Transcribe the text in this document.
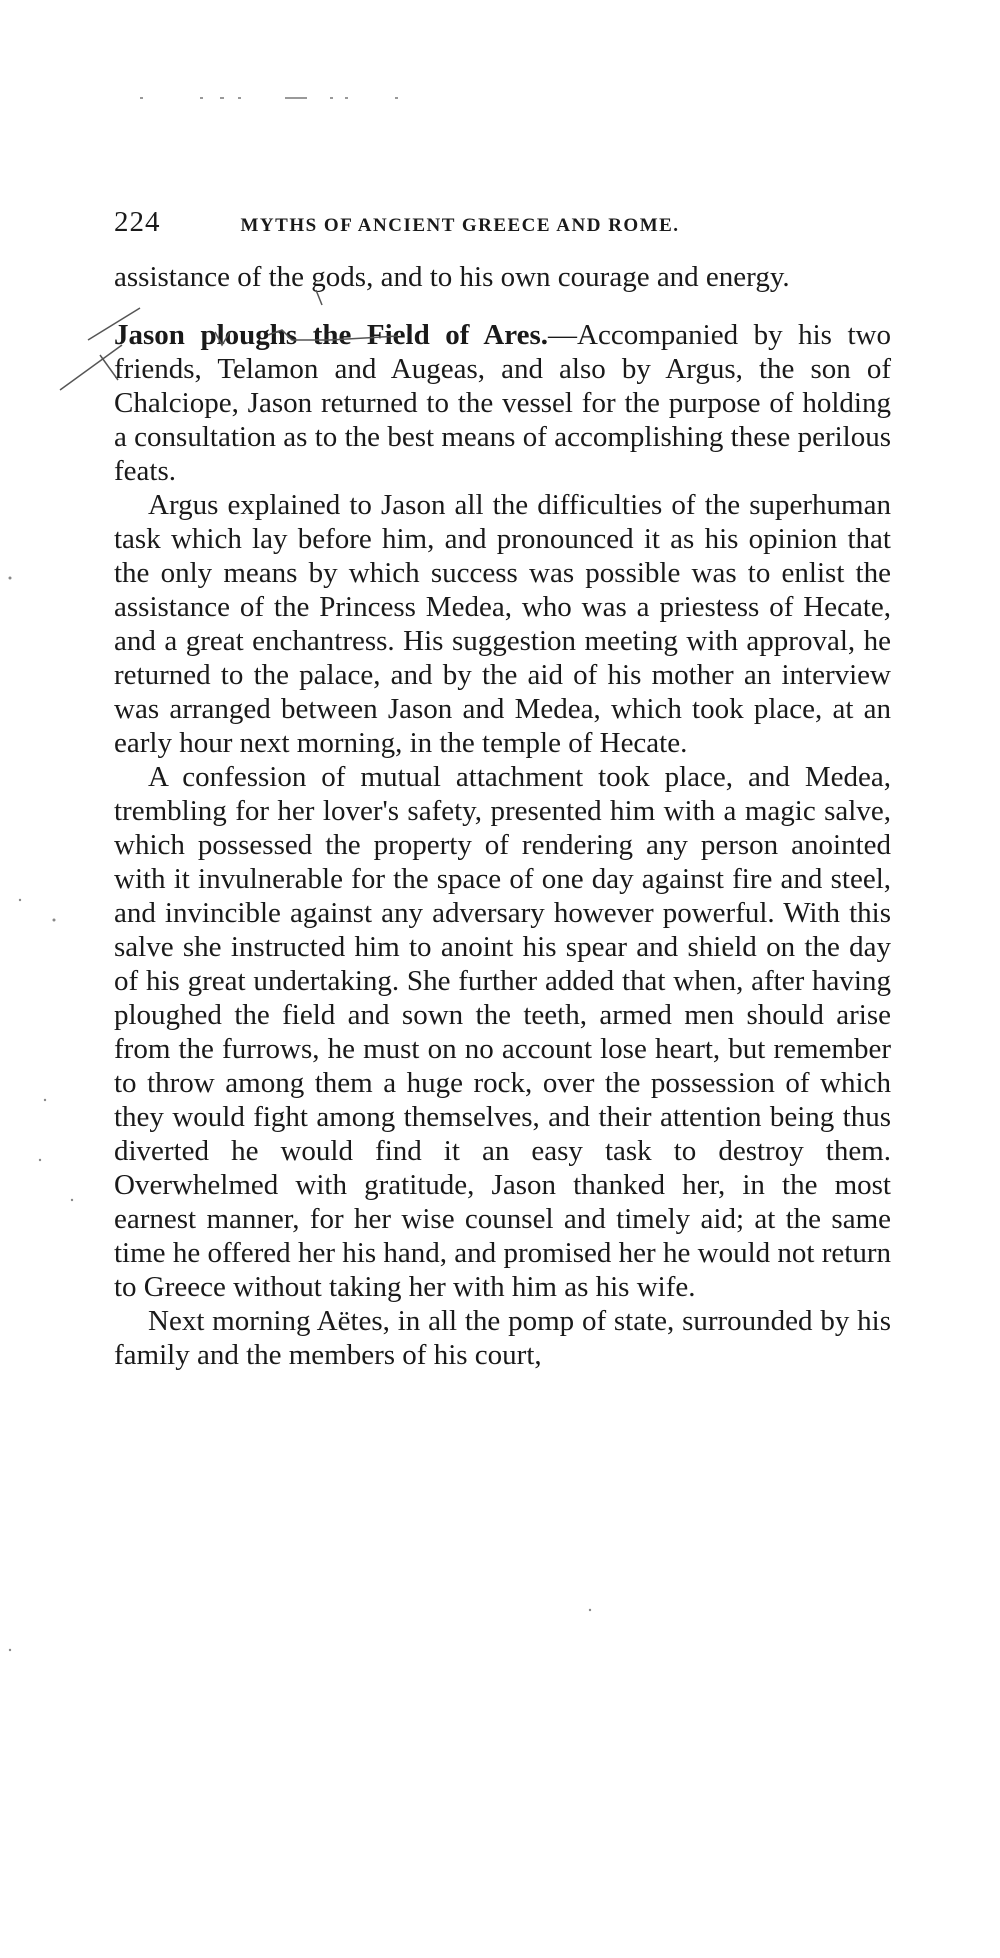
224	MYTHS OF ANCIENT GREECE AND ROME.

assistance of the gods, and to his own courage and energy.

Jason ploughs the Field of Ares.—Accompanied by his two friends, Telamon and Augeas, and also by Argus, the son of Chalciope, Jason returned to the vessel for the purpose of holding a consultation as to the best means of accomplishing these perilous feats.

Argus explained to Jason all the difficulties of the superhuman task which lay before him, and pronounced it as his opinion that the only means by which success was possible was to enlist the assistance of the Princess Medea, who was a priestess of Hecate, and a great enchantress. His suggestion meeting with approval, he returned to the palace, and by the aid of his mother an interview was arranged between Jason and Medea, which took place, at an early hour next morning, in the temple of Hecate.

A confession of mutual attachment took place, and Medea, trembling for her lover's safety, presented him with a magic salve, which possessed the property of rendering any person anointed with it invulnerable for the space of one day against fire and steel, and invincible against any adversary however powerful. With this salve she instructed him to anoint his spear and shield on the day of his great undertaking. She further added that when, after having ploughed the field and sown the teeth, armed men should arise from the furrows, he must on no account lose heart, but remember to throw among them a huge rock, over the possession of which they would fight among themselves, and their attention being thus diverted he would find it an easy task to destroy them. Overwhelmed with gratitude, Jason thanked her, in the most earnest manner, for her wise counsel and timely aid; at the same time he offered her his hand, and promised her he would not return to Greece without taking her with him as his wife.

Next morning Aëtes, in all the pomp of state, surrounded by his family and the members of his court,
